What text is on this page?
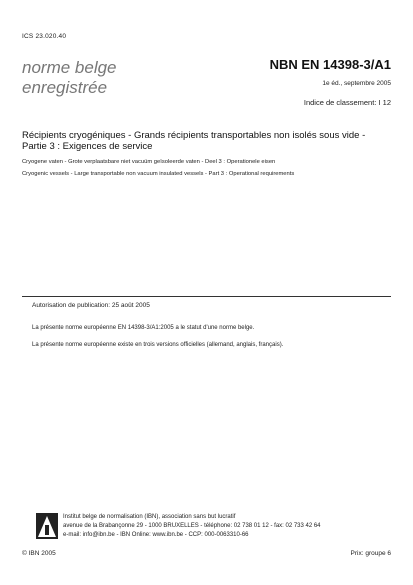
ICS 23.020.40
norme belge
enregistrée
NBN EN 14398-3/A1
1e éd., septembre 2005
Indice de classement: I 12
Récipients cryogéniques - Grands récipients transportables non isolés sous vide - Partie 3 : Exigences de service
Cryogene vaten - Grote verplaatsbare niet vacuüm geïsoleerde vaten - Deel 3 : Operationele eisen
Cryogenic vessels - Large transportable non vacuum insulated vessels - Part 3 : Operational requirements
Autorisation de publication: 25 août 2005
La présente norme européenne EN 14398-3/A1:2005 a le statut d'une norme belge.
La présente norme européenne existe en trois versions officielles (allemand, anglais, français).
Institut belge de normalisation (IBN), association sans but lucratif
avenue de la Brabançonne 29 - 1000 BRUXELLES - téléphone: 02 738 01 12 - fax: 02 733 42 64
e-mail: info@ibn.be - IBN Online: www.ibn.be - CCP: 000-0063310-66
© IBN 2005	Prix: groupe 6
